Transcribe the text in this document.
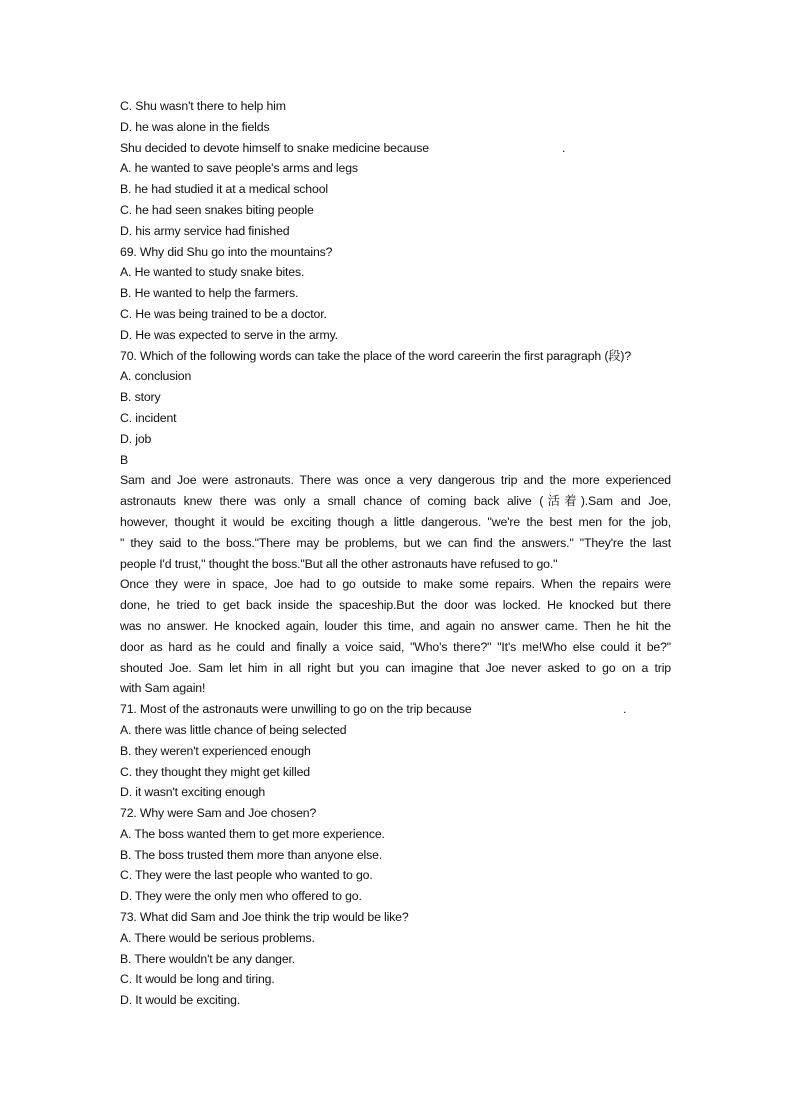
C. Shu wasn't there to help him
D. he was alone in the fields
Shu decided to devote himself to snake medicine because	.
A. he wanted to save people's arms and legs
B. he had studied it at a medical school
C. he had seen snakes biting people
D. his army service had finished
69. Why did Shu go into the mountains?
A. He wanted to study snake bites.
B. He wanted to help the farmers.
C. He was being trained to be a doctor.
D. He was expected to serve in the army.
70. Which of the following words can take the place of the word careerin the first paragraph (段)?
A. conclusion
B. story
C. incident
D. job
B
Sam and Joe were astronauts. There was once a very dangerous trip and the more experienced
astronauts knew there was only a small chance of coming back alive (活着).Sam and Joe,
however, thought it would be exciting though a little dangerous. "we're the best men for the job,
" they said to the boss."There may be problems, but we can find the answers." "They're the last
people I'd trust," thought the boss."But all the other astronauts have refused to go."
Once they were in space, Joe had to go outside to make some repairs. When the repairs were
done, he tried to get back inside the spaceship.But the door was locked. He knocked but there
was no answer. He knocked again, louder this time, and again no answer came. Then he hit the
door as hard as he could and finally a voice said, "Who's there?" "It's me!Who else could it be?"
shouted Joe. Sam let him in all right but you can imagine that Joe never asked to go on a trip
with Sam again!
71. Most of the astronauts were unwilling to go on the trip because	.
A. there was little chance of being selected
B. they weren't experienced enough
C. they thought they might get killed
D. it wasn't exciting enough
72. Why were Sam and Joe chosen?
A. The boss wanted them to get more experience.
B. The boss trusted them more than anyone else.
C. They were the last people who wanted to go.
D. They were the only men who offered to go.
73. What did Sam and Joe think the trip would be like?
A. There would be serious problems.
B. There wouldn't be any danger.
C. It would be long and tiring.
D. It would be exciting.
